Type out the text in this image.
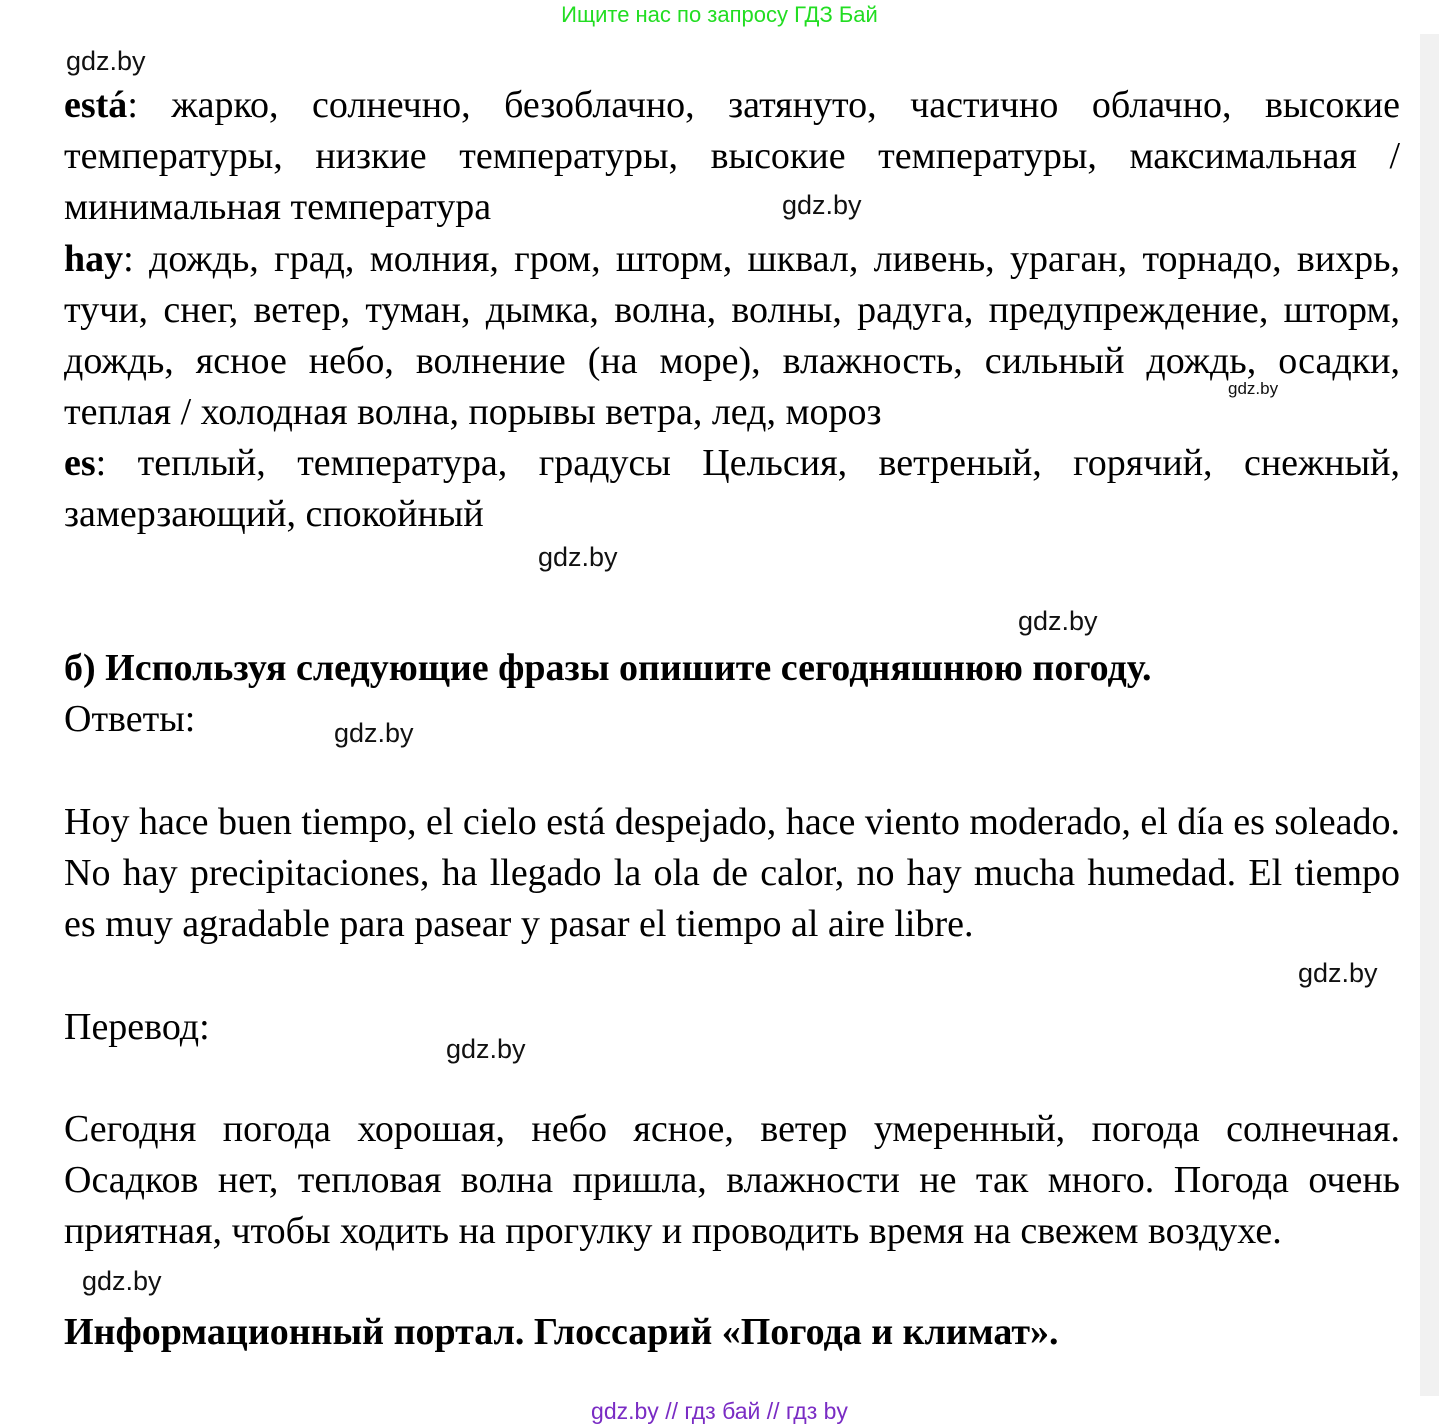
Ищите нас по запросу ГДЗ Бай
gdz.by
gdz.by
gdz.by
gdz.by
gdz.by
gdz.by
gdz.by
gdz.by
gdz.by

está: жарко, солнечно, безоблачно, затянуто, частично облачно, высокие температуры, низкие температуры, высокие температуры, максимальная / минимальная температура

hay: дождь, град, молния, гром, шторм, шквал, ливень, ураган, торнадо, вихрь, тучи, снег, ветер, туман, дымка, волна, волны, радуга, предупреждение, шторм, дождь, ясное небо, волнение (на море), влажность, сильный дождь, осадки, теплая / холодная волна, порывы ветра, лед, мороз

es: теплый, температура, градусы Цельсия, ветреный, горячий, снежный, замерзающий, спокойный

б) Используя следующие фразы опишите сегодняшнюю погоду.

Ответы:

Hoy hace buen tiempo, el cielo está despejado, hace viento moderado, el día es soleado. No hay precipitaciones, ha llegado la ola de calor, no hay mucha humedad. El tiempo es muy agradable para pasear y pasar el tiempo al aire libre.

Перевод:

Сегодня погода хорошая, небо ясное, ветер умеренный, погода солнечная. Осадков нет, тепловая волна пришла, влажности не так много. Погода очень приятная, чтобы ходить на прогулку и проводить время на свежем воздухе.

Информационный портал. Глоссарий «Погода и климат».

gdz.by // гдз бай // гдз by
